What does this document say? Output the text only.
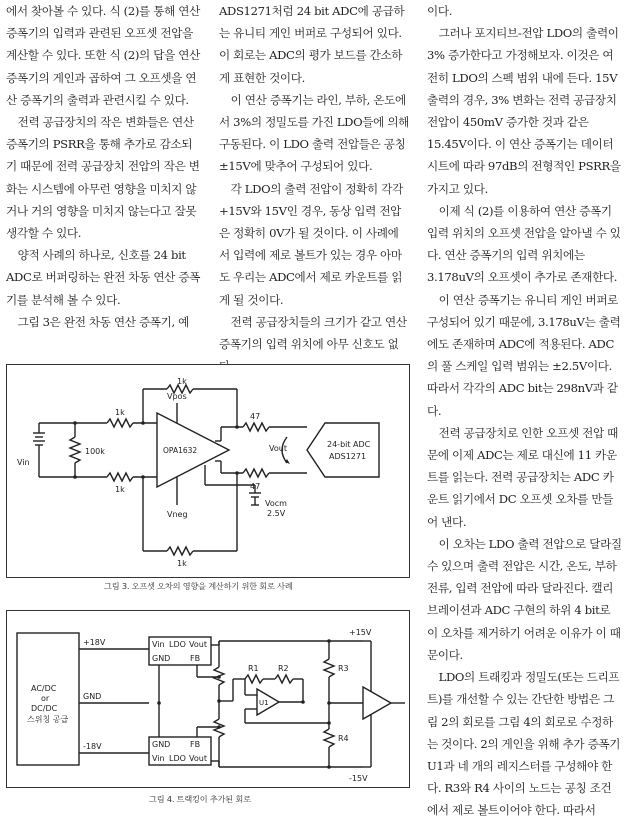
에서 찾아볼 수 있다. 식 (2)를 통해 연산 증폭기의 입력과 관련된 오프셋 전압을 계산할 수 있다. 또한 식 (2)의 답을 연산 증폭기의 게인과 곱하여 그 오프셋을 연산 증폭기의 출력과 관련시킬 수 있다.

전력 공급장치의 작은 변화들은 연산 증폭기의 PSRR을 통해 추가로 감소되기 때문에 전력 공급장치 전압의 작은 변화는 시스템에 아무런 영향을 미치지 않거나 거의 영향을 미치지 않는다고 잘못 생각할 수 있다.

양적 사례의 하나로, 신호를 24 bit ADC로 버퍼링하는 완전 차동 연산 증폭기를 분석해 볼 수 있다.

그림 3은 완전 차동 연산 증폭기, 예

ADS1271처럼 24 bit ADC에 공급하는 유니티 게인 버퍼로 구성되어 있다. 이 회로는 ADC의 평가 보드를 간소하게 표현한 것이다.

이 연산 증폭기는 라인, 부하, 온도에서 3%의 정밀도를 가진 LDO들에 의해 구동된다. 이 LDO 출력 전압들은 공칭 ±15V에 맞추어 구성되어 있다.

각 LDO의 출력 전압이 정확히 각각 +15V와 15V인 경우, 동상 입력 전압은 정확히 0V가 될 것이다. 이 사례에서 입력에 제로 볼트가 있는 경우 아마도 우리는 ADC에서 제로 카운트를 읽게 될 것이다.

전력 공급장치들의 크기가 같고 연산 증폭기의 입력 위치에 아무 신호도 없

이다.

그러나 포지티브-전압 LDO의 출력이 3% 증가한다고 가정해보자. 이것은 여전히 LDO의 스펙 범위 내에 든다. 15V 출력의 경우, 3% 변화는 전력 공급장치 전압이 450mV 증가한 것과 같은 15.45V이다. 이 연산 증폭기는 데이터시트에 따라 97dB의 전형적인 PSRR을 가지고 있다.

이제 식 (2)를 이용하여 연산 증폭기 입력 위치의 오프셋 전압을 알아낼 수 있다. 연산 증폭기의 입력 위치에는 3.178uV의 오프셋이 추가로 존재한다.

이 연산 증폭기는 유니티 게인 버퍼로 구성되어 있기 때문에, 3.178uV는 출력에도 존재하며 ADC에 적용된다. ADC의 풀 스케일 입력 범위는 ±2.5V이다. 따라서 각각의 ADC bit는 298nV과 같다.

전력 공급장치로 인한 오프셋 전압 때문에 이제 ADC는 제로 대신에 11 카운트를 읽는다. 전력 공급장치는 ADC 카운트 읽기에서 DC 오프셋 오차를 만들어 낸다.

이 오차는 LDO 출력 전압으로 달라질 수 있으며 출력 전압은 시간, 온도, 부하 전류, 입력 전압에 따라 달라진다. 캘리브레이션과 ADC 구현의 하위 4 bit로 이 오차를 제거하기 어려운 이유가 이 때문이다.

LDO의 트래킹과 정밀도(또는 드리프트)를 개선할 수 있는 간단한 방법은 그림 2의 회로를 그림 4의 회로로 수정하는 것이다. 2의 게인을 위해 추가 증폭기 U1과 네 개의 레지스터를 구성해야 한다. R3와 R4 사이의 노드는 공칭 조건에서 제로 볼트이어야 한다. 따라서

Vin
1k
1k
1k
1k
100k
Vpos
Vneg
OPA1632
47
47
Vout
Vocm
2.5V
24-bit ADC
ADS1271
그림 3. 오프셋 오차의 영향을 계산하기 위한 회로 사례
+18V
GND
-18V
AC/DC
or
DC/DC
스위칭 공급
Vin LDO Vout
GND FB
GND FB
Vin LDO Vout
R1 R2	R3
R4
U1
+15V
-15V
그림 4. 트랙킹이 추가된 회로
